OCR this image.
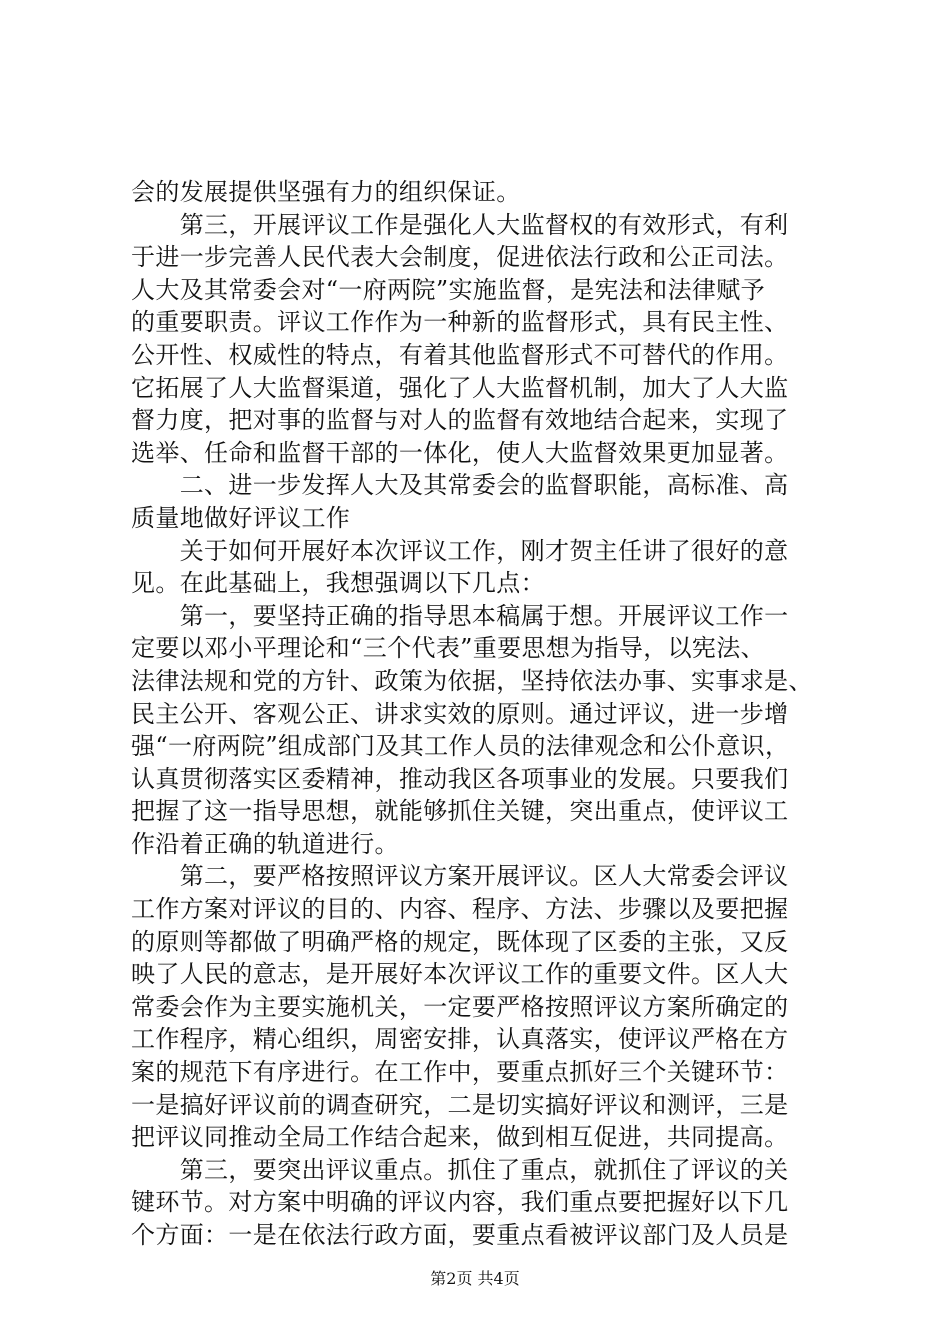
会的发展提供坚强有力的组织保证。
　　第三，开展评议工作是强化人大监督权的有效形式，有利
于进一步完善人民代表大会制度，促进依法行政和公正司法。
人大及其常委会对“一府两院”实施监督，是宪法和法律赋予
的重要职责。评议工作作为一种新的监督形式，具有民主性、
公开性、权威性的特点，有着其他监督形式不可替代的作用。
它拓展了人大监督渠道，强化了人大监督机制，加大了人大监
督力度，把对事的监督与对人的监督有效地结合起来，实现了
选举、任命和监督干部的一体化，使人大监督效果更加显著。
　　二、进一步发挥人大及其常委会的监督职能，高标准、高
质量地做好评议工作
　　关于如何开展好本次评议工作，刚才贺主任讲了很好的意
见。在此基础上，我想强调以下几点：
　　第一，要坚持正确的指导思本稿属于想。开展评议工作一
定要以邓小平理论和“三个代表”重要思想为指导，以宪法、
法律法规和党的方针、政策为依据，坚持依法办事、实事求是、
民主公开、客观公正、讲求实效的原则。通过评议，进一步增
强“一府两院”组成部门及其工作人员的法律观念和公仆意识，
认真贯彻落实区委精神，推动我区各项事业的发展。只要我们
把握了这一指导思想，就能够抓住关键，突出重点，使评议工
作沿着正确的轨道进行。
　　第二，要严格按照评议方案开展评议。区人大常委会评议
工作方案对评议的目的、内容、程序、方法、步骤以及要把握
的原则等都做了明确严格的规定，既体现了区委的主张，又反
映了人民的意志，是开展好本次评议工作的重要文件。区人大
常委会作为主要实施机关，一定要严格按照评议方案所确定的
工作程序，精心组织，周密安排，认真落实，使评议严格在方
案的规范下有序进行。在工作中，要重点抓好三个关键环节：
一是搞好评议前的调查研究，二是切实搞好评议和测评，三是
把评议同推动全局工作结合起来，做到相互促进，共同提高。
　　第三，要突出评议重点。抓住了重点，就抓住了评议的关
键环节。对方案中明确的评议内容，我们重点要把握好以下几
个方面：一是在依法行政方面，要重点看被评议部门及人员是
第2页 共4页
